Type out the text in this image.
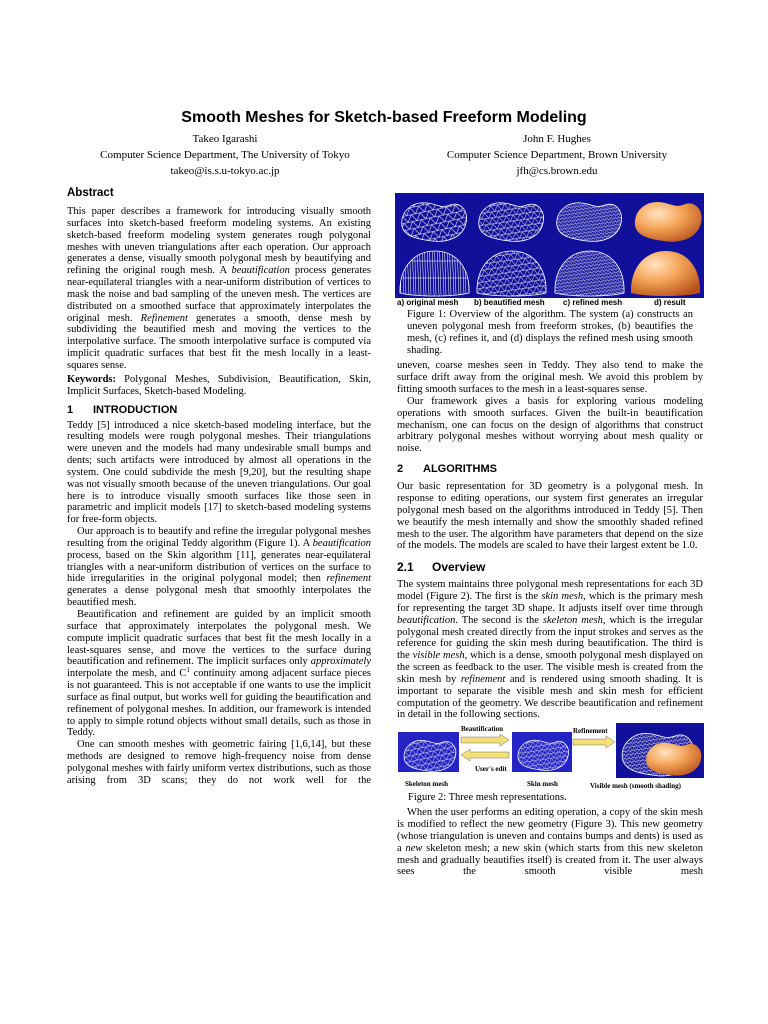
Smooth Meshes for Sketch-based Freeform Modeling
Takeo Igarashi
Computer Science Department, The University of Tokyo
takeo@is.s.u-tokyo.ac.jp
John F. Hughes
Computer Science Department, Brown University
jfh@cs.brown.edu
Abstract

This paper describes a framework for introducing visually smooth surfaces into sketch-based freeform modeling systems. An existing sketch-based freeform modeling system generates rough polygonal meshes with uneven triangulations after each operation. Our approach generates a dense, visually smooth polygonal mesh by beautifying and refining the original rough mesh. A beautification process generates near-equilateral triangles with a near-uniform distribution of vertices to mask the noise and bad sampling of the uneven mesh. The vertices are distributed on a smoothed surface that approximately interpolates the original mesh. Refinement generates a smooth, dense mesh by subdividing the beautified mesh and moving the vertices to the interpolative surface. The smooth interpolative surface is computed via implicit quadratic surfaces that best fit the mesh locally in a least-squares sense.

Keywords: Polygonal Meshes, Subdivision, Beautification, Skin, Implicit Surfaces, Sketch-based Modeling.

1 INTRODUCTION

Teddy [5] introduced a nice sketch-based modeling interface, but the resulting models were rough polygonal meshes. Their triangulations were uneven and the models had many undesirable small bumps and dents; such artifacts were introduced by almost all operations in the system. One could subdivide the mesh [9,20], but the resulting shape was not visually smooth because of the uneven triangulations. Our goal here is to introduce visually smooth surfaces like those seen in parametric and implicit models [17] to sketch-based modeling systems for free-form objects.

Our approach is to beautify and refine the irregular polygonal meshes resulting from the original Teddy algorithm (Figure 1). A beautification process, based on the Skin algorithm [11], generates near-equilateral triangles with a near-uniform distribution of vertices on the surface to hide irregularities in the original polygonal model; then refinement generates a dense polygonal mesh that smoothly interpolates the beautified mesh.

Beautification and refinement are guided by an implicit smooth surface that approximately interpolates the polygonal mesh. We compute implicit quadratic surfaces that best fit the mesh locally in a least-squares sense, and move the vertices to the surface during beautification and refinement. The implicit surfaces only approximately interpolate the mesh, and $C^1$ continuity among adjacent surface pieces is not guaranteed. This is not acceptable if one wants to use the implicit surface as final output, but works well for guiding the beautification and refinement of polygonal meshes. In addition, our framework is intended to apply to simple rotund objects without small details, such as those in Teddy.

One can smooth meshes with geometric fairing [1,6,14], but these methods are designed to remove high-frequency noise from dense polygonal meshes with fairly uniform vertex distributions, such as those arising from 3D scans; they do not work well for the

a) original mesh b) beautified mesh c) refined mesh	d) result

Figure 1: Overview of the algorithm. The system (a) constructs an uneven polygonal mesh from freeform strokes, (b) beautifies the mesh, (c) refines it, and (d) displays the refined mesh using smooth shading.

uneven, coarse meshes seen in Teddy. They also tend to make the surface drift away from the original mesh. We avoid this problem by fitting smooth surfaces to the mesh in a least-squares sense.

Our framework gives a basis for exploring various modeling operations with smooth surfaces. Given the built-in beautification mechanism, one can focus on the design of algorithms that construct arbitrary polygonal meshes without worrying about mesh quality or noise.

2 ALGORITHMS

Our basic representation for 3D geometry is a polygonal mesh. In response to editing operations, our system first generates an irregular polygonal mesh based on the algorithms introduced in Teddy [5]. Then we beautify the mesh internally and show the smoothly shaded refined mesh to the user. The algorithm have parameters that depend on the size of the models. The models are scaled to have their largest extent be 1.0.

2.1 Overview

The system maintains three polygonal mesh representations for each 3D model (Figure 2). The first is the skin mesh, which is the primary mesh for representing the target 3D shape. It adjusts itself over time through beautification. The second is the skeleton mesh, which is the irregular polygonal mesh created directly from the input strokes and serves as the reference for guiding the skin mesh during beautification. The third is the visible mesh, which is a dense, smooth polygonal mesh displayed on the screen as feedback to the user. The visible mesh is created from the skin mesh by refinement and is rendered using smooth shading. It is important to separate the visible mesh and skin mesh for efficient computation of the geometry. We describe beautification and refinement in detail in the following sections.

Beautification
User's edit
Refinement
Skeleton mesh	Skin mesh	Visible mesh (smooth shading)

Figure 2: Three mesh representations.

When the user performs an editing operation, a copy of the skin mesh is modified to reflect the new geometry (Figure 3). This new geometry (whose triangulation is uneven and contains bumps and dents) is used as a new skeleton mesh; a new skin (which starts from this new skeleton mesh and gradually beautifies itself) is created from it. The user always sees the smooth visible mesh
